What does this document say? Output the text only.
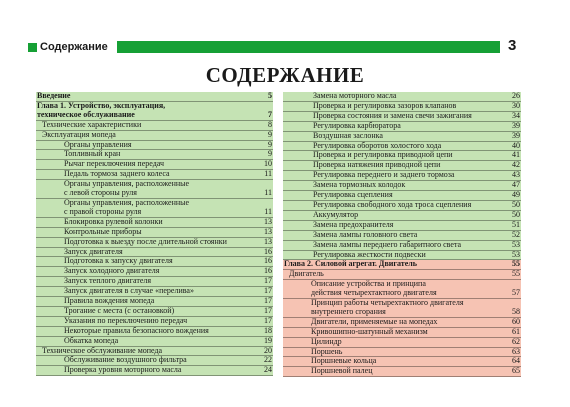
Содержание	3
СОДЕРЖАНИЕ
Введение	5
Глава 1. Устройство, эксплуатация,
техническое обслуживание	7
Технические характеристики	8
Эксплуатация мопеда	9
Органы управления	9
Топливный кран	9
Рычаг переключения передач	10
Педаль тормоза заднего колеса	11
Органы управления, расположенные
с левой стороны руля	11
Органы управления, расположенные
с правой стороны руля	11
Блокировка рулевой колонки	13
Контрольные приборы	13
Подготовка к выезду после длительной стоянки	13
Запуск двигателя	16
Подготовка к запуску двигателя	16
Запуск холодного двигателя	16
Запуск теплого двигателя	17
Запуск двигателя в случае «перелива»	17
Правила вождения мопеда	17
Трогание с места (с остановкой)	17
Указания по переключению передач	17
Некоторые правила безопасного вождения	18
Обкатка мопеда	19
Техническое обслуживание мопеда	20
Обслуживание воздушного фильтра	22
Проверка уровня моторного масла	24
Замена моторного масла	26
Проверка и регулировка зазоров клапанов	30
Проверка состояния и замена свечи зажигания	34
Регулировка карбюратора	39
Воздушная заслонка	39
Регулировка оборотов холостого хода	40
Проверка и регулировка приводной цепи	41
Проверка натяжения приводной цепи	42
Регулировка переднего и заднего тормоза	43
Замена тормозных колодок	47
Регулировка сцепления	49
Регулировка свободного хода троса сцепления	50
Аккумулятор	50
Замена предохранителя	51
Замена лампы головного света	52
Замена лампы переднего габаритного света	53
Регулировка жесткости подвески	53
Глава 2. Силовой агрегат. Двигатель	55
Двигатель	55
Описание устройства и принципа
действия четырехтактного двигателя	57
Принцип работы четырехтактного двигателя
внутреннего сгорания	58
Двигатели, применяемые на мопедах	60
Кривошипно-шатунный механизм	61
Цилиндр	62
Поршень	63
Поршневые кольца	64
Поршневой палец	65
